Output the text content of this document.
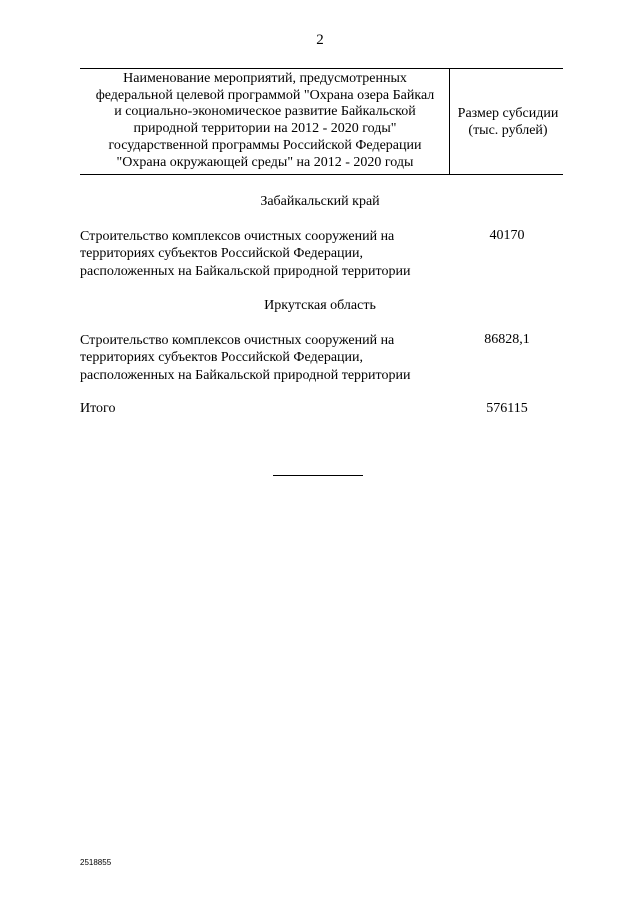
2
Наименование мероприятий, предусмотренных
федеральной целевой программой "Охрана озера Байкал
и социально-экономическое развитие Байкальской
природной территории на 2012 - 2020 годы"
государственной программы Российской Федерации
"Охрана окружающей среды" на 2012 - 2020 годы
Размер субсидии
(тыс. рублей)
Забайкальский край
Строительство комплексов очистных сооружений на
территориях субъектов Российской Федерации,
расположенных на Байкальской природной территории
40170
Иркутская область
Строительство комплексов очистных сооружений на
территориях субъектов Российской Федерации,
расположенных на Байкальской природной территории
86828,1
Итого	576115
2518855
